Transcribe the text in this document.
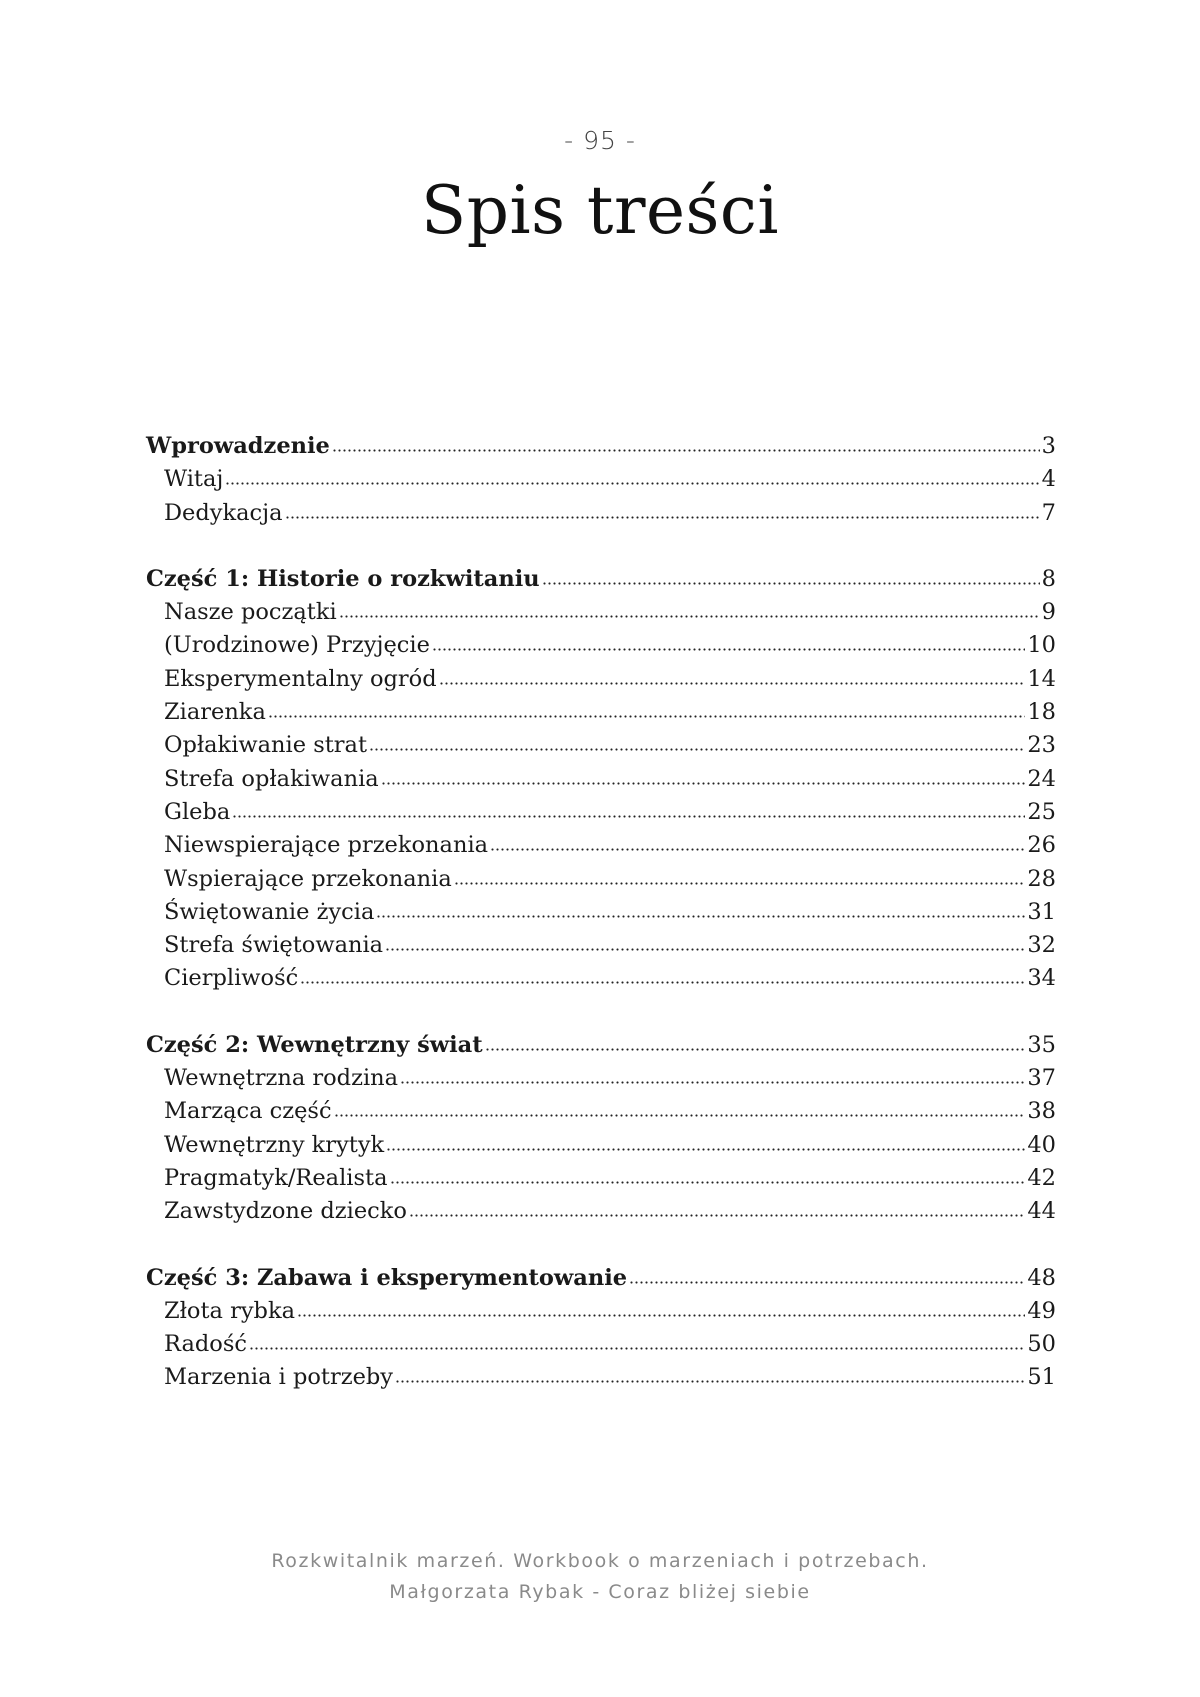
- 95 -
Spis treści
Wprowadzenie	3
Witaj	4
Dedykacja	7
Część 1: Historie o rozkwitaniu	8
Nasze początki	9
(Urodzinowe) Przyjęcie	10
Eksperymentalny ogród	14
Ziarenka	18
Opłakiwanie strat	23
Strefa opłakiwania	24
Gleba	25
Niewspierające przekonania	26
Wspierające przekonania	28
Świętowanie życia	31
Strefa świętowania	32
Cierpliwość	34
Część 2: Wewnętrzny świat	35
Wewnętrzna rodzina	37
Marząca część	38
Wewnętrzny krytyk	40
Pragmatyk/Realista	42
Zawstydzone dziecko	44
Część 3: Zabawa i eksperymentowanie	48
Złota rybka	49
Radość	50
Marzenia i potrzeby	51
Rozkwitalnik marzeń. Workbook o marzeniach i potrzebach.
Małgorzata Rybak - Coraz bliżej siebie
